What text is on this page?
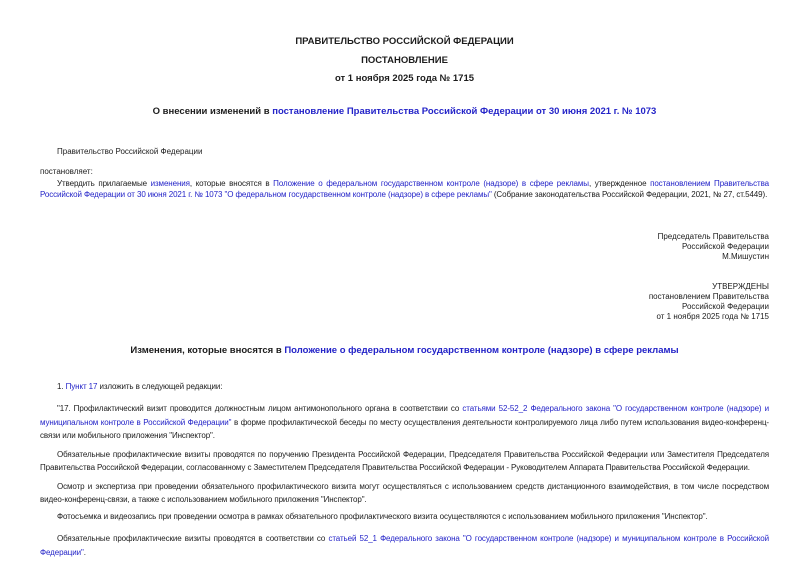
ПРАВИТЕЛЬСТВО РОССИЙСКОЙ ФЕДЕРАЦИИ
ПОСТАНОВЛЕНИЕ
от 1 ноября 2025 года № 1715
О внесении изменений в постановление Правительства Российской Федерации от 30 июня 2021 г. № 1073

Правительство Российской Федерации

постановляет:

Утвердить прилагаемые изменения, которые вносятся в Положение о федеральном государственном контроле (надзоре) в сфере рекламы, утвержденное постановлением Правительства Российской Федерации от 30 июня 2021 г. № 1073 "О федеральном государственном контроле (надзоре) в сфере рекламы" (Собрание законодательства Российской Федерации, 2021, № 27, ст.5449).

Председатель Правительства
Российской Федерации
М.Мишустин
УТВЕРЖДЕНЫ
постановлением Правительства
Российской Федерации
от 1 ноября 2025 года № 1715
Изменения, которые вносятся в Положение о федеральном государственном контроле (надзоре) в сфере рекламы

1. Пункт 17 изложить в следующей редакции:

"17. Профилактический визит проводится должностным лицом антимонопольного органа в соответствии со статьями 52-52_2 Федерального закона "О государственном контроле (надзоре) и муниципальном контроле в Российской Федерации" в форме профилактической беседы по месту осуществления деятельности контролируемого лица либо путем использования видео-конференц-связи или мобильного приложения "Инспектор".

Обязательные профилактические визиты проводятся по поручению Президента Российской Федерации, Председателя Правительства Российской Федерации или Заместителя Председателя Правительства Российской Федерации, согласованному с Заместителем Председателя Правительства Российской Федерации - Руководителем Аппарата Правительства Российской Федерации.

Осмотр и экспертиза при проведении обязательного профилактического визита могут осуществляться с использованием средств дистанционного взаимодействия, в том числе посредством видео-конференц-связи, а также с использованием мобильного приложения "Инспектор".

Фотосъемка и видеозапись при проведении осмотра в рамках обязательного профилактического визита осуществляются с использованием мобильного приложения "Инспектор".

Обязательные профилактические визиты проводятся в соответствии со статьей 52_1 Федерального закона "О государственном контроле (надзоре) и муниципальном контроле в Российской Федерации".
